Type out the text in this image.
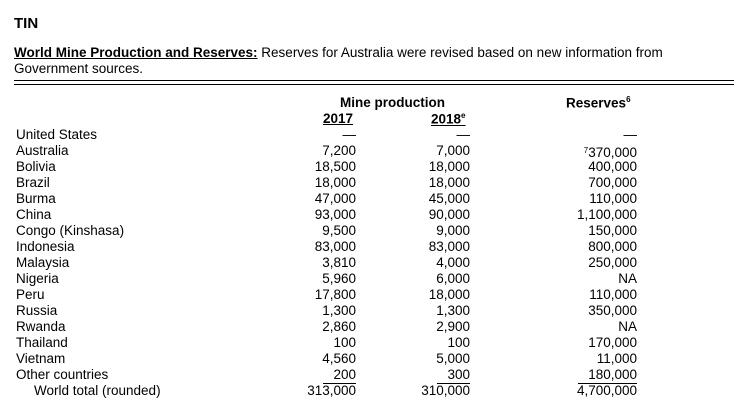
TIN
World Mine Production and Reserves: Reserves for Australia were revised based on new information from Government sources.
Mine production
2017	2018e
Reserves$^6$
United States	—	—	—
Australia	7,200	7,000	$^7$370,000
Bolivia	18,500	18,000	400,000
Brazil	18,000	18,000	700,000
Burma	47,000	45,000	110,000
China	93,000	90,000	1,100,000
Congo (Kinshasa)	9,500	9,000	150,000
Indonesia	83,000	83,000	800,000
Malaysia	3,810	4,000	250,000
Nigeria	5,960	6,000	NA
Peru	17,800	18,000	110,000
Russia	1,300	1,300	350,000
Rwanda	2,860	2,900	NA
Thailand	100	100	170,000
Vietnam	4,560	5,000	11,000
Other countries	200	300	180,000
World total (rounded)	313,000	310,000	4,700,000
